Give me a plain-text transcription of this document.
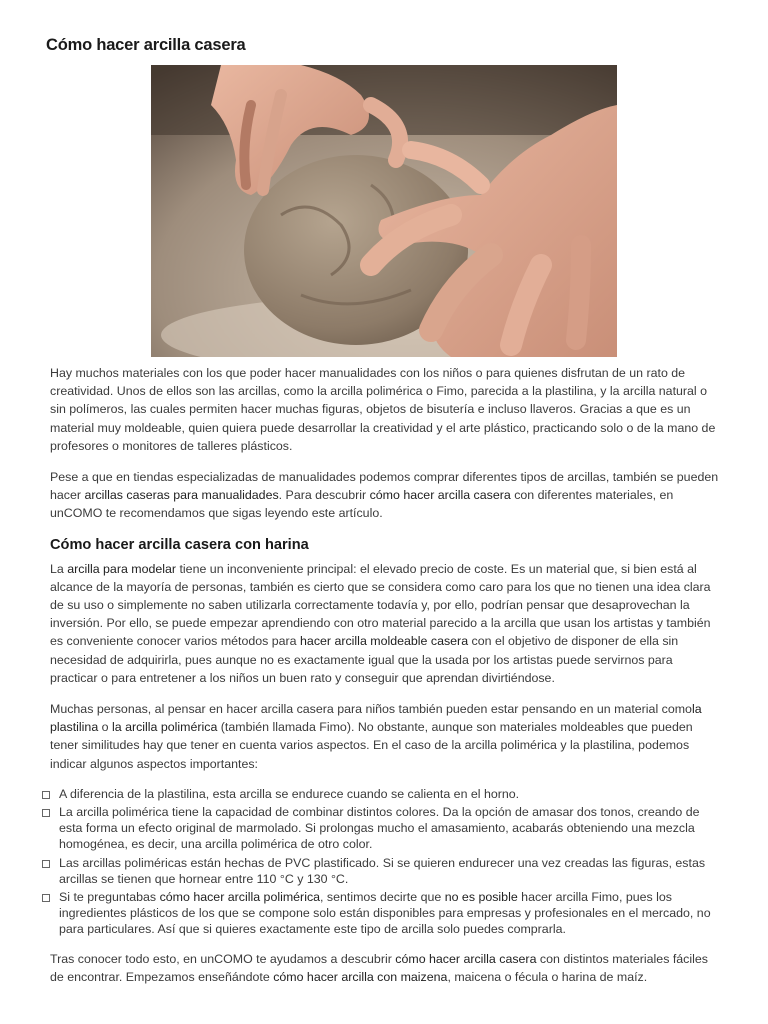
Cómo hacer arcilla casera

Hay muchos materiales con los que poder hacer manualidades con los niños o para quienes disfrutan de un rato de creatividad. Unos de ellos son las arcillas, como la arcilla polimérica o Fimo, parecida a la plastilina, y la arcilla natural o sin polímeros, las cuales permiten hacer muchas figuras, objetos de bisutería e incluso llaveros. Gracias a que es un material muy moldeable, quien quiera puede desarrollar la creatividad y el arte plástico, practicando solo o de la mano de profesores o monitores de talleres plásticos.

Pese a que en tiendas especializadas de manualidades podemos comprar diferentes tipos de arcillas, también se pueden hacer arcillas caseras para manualidades. Para descubrir cómo hacer arcilla casera con diferentes materiales, en unCOMO te recomendamos que sigas leyendo este artículo.

Cómo hacer arcilla casera con harina

La arcilla para modelar tiene un inconveniente principal: el elevado precio de coste. Es un material que, si bien está al alcance de la mayoría de personas, también es cierto que se considera como caro para los que no tienen una idea clara de su uso o simplemente no saben utilizarla correctamente todavía y, por ello, podrían pensar que desaprovechan la inversión. Por ello, se puede empezar aprendiendo con otro material parecido a la arcilla que usan los artistas y también es conveniente conocer varios métodos para hacer arcilla moldeable casera con el objetivo de disponer de ella sin necesidad de adquirirla, pues aunque no es exactamente igual que la usada por los artistas puede servirnos para practicar o para entretener a los niños un buen rato y conseguir que aprendan divirtiéndose.

Muchas personas, al pensar en hacer arcilla casera para niños también pueden estar pensando en un material comola plastilina o la arcilla polimérica (también llamada Fimo). No obstante, aunque son materiales moldeables que pueden tener similitudes hay que tener en cuenta varios aspectos. En el caso de la arcilla polimérica y la plastilina, podemos indicar algunos aspectos importantes:

A diferencia de la plastilina, esta arcilla se endurece cuando se calienta en el horno.
La arcilla polimérica tiene la capacidad de combinar distintos colores. Da la opción de amasar dos tonos, creando de esta forma un efecto original de marmolado. Si prolongas mucho el amasamiento, acabarás obteniendo una mezcla homogénea, es decir, una arcilla polimérica de otro color.
Las arcillas poliméricas están hechas de PVC plastificado. Si se quieren endurecer una vez creadas las figuras, estas arcillas se tienen que hornear entre 110 °C y 130 °C.
Si te preguntabas cómo hacer arcilla polimérica, sentimos decirte que no es posible hacer arcilla Fimo, pues los ingredientes plásticos de los que se compone solo están disponibles para empresas y profesionales en el mercado, no para particulares. Así que si quieres exactamente este tipo de arcilla solo puedes comprarla.

Tras conocer todo esto, en unCOMO te ayudamos a descubrir cómo hacer arcilla casera con distintos materiales fáciles de encontrar. Empezamos enseñándote cómo hacer arcilla con maizena, maicena o fécula o harina de maíz.
